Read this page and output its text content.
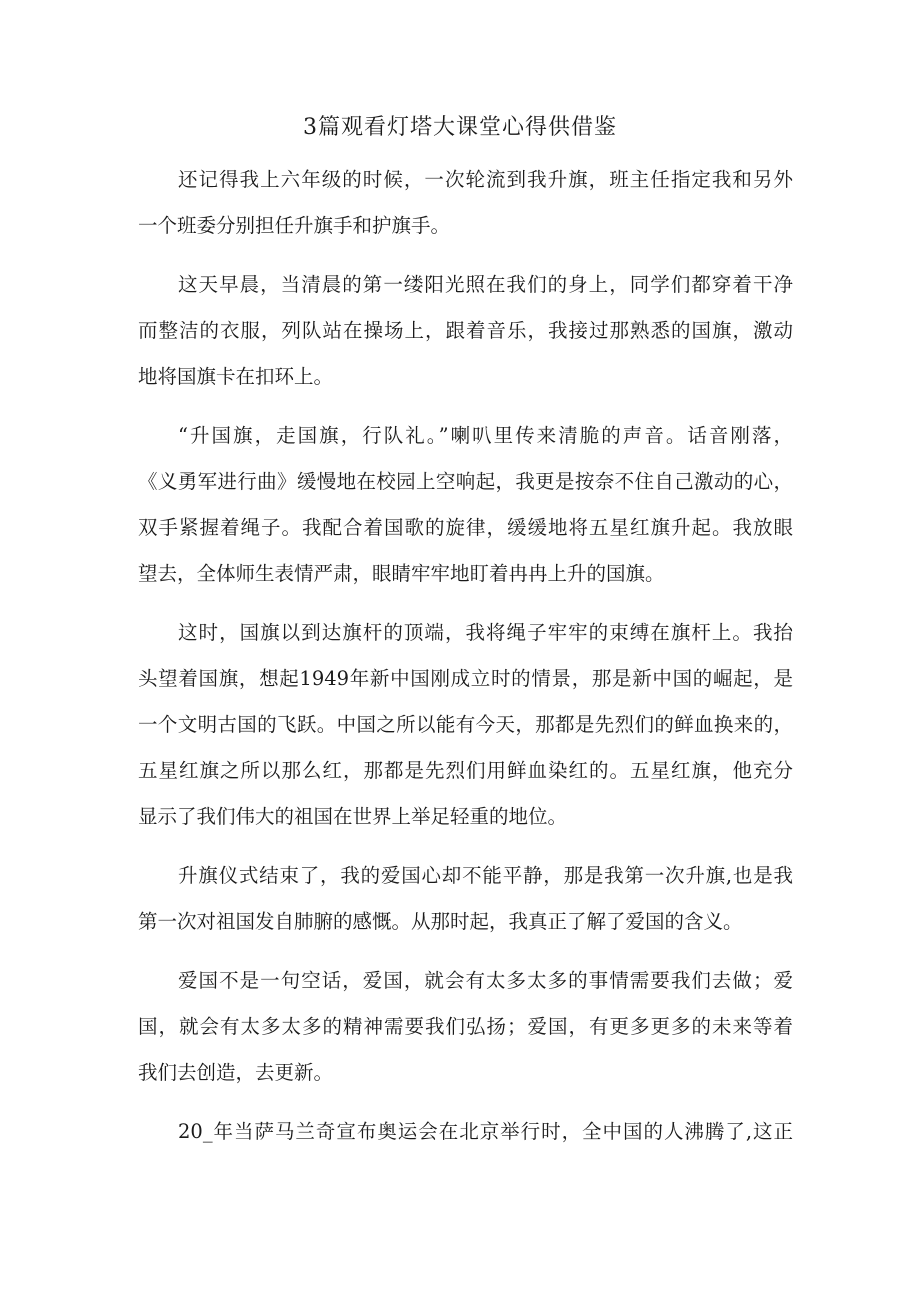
3篇观看灯塔大课堂心得供借鉴
还记得我上六年级的时候，一次轮流到我升旗，班主任指定我和另外
一个班委分别担任升旗手和护旗手。
这天早晨，当清晨的第一缕阳光照在我们的身上，同学们都穿着干净
而整洁的衣服，列队站在操场上，跟着音乐，我接过那熟悉的国旗，激动
地将国旗卡在扣环上。
“升国旗，走国旗，行队礼。”喇叭里传来清脆的声音。话音刚落，
《义勇军进行曲》缓慢地在校园上空响起，我更是按奈不住自己激动的心，
双手紧握着绳子。我配合着国歌的旋律，缓缓地将五星红旗升起。我放眼
望去，全体师生表情严肃，眼睛牢牢地盯着冉冉上升的国旗。
这时，国旗以到达旗杆的顶端，我将绳子牢牢的束缚在旗杆上。我抬
头望着国旗，想起1949年新中国刚成立时的情景，那是新中国的崛起，是
一个文明古国的飞跃。中国之所以能有今天，那都是先烈们的鲜血换来的，
五星红旗之所以那么红，那都是先烈们用鲜血染红的。五星红旗，他充分
显示了我们伟大的祖国在世界上举足轻重的地位。
升旗仪式结束了，我的爱国心却不能平静，那是我第一次升旗,也是我
第一次对祖国发自肺腑的感慨。从那时起，我真正了解了爱国的含义。
爱国不是一句空话，爱国，就会有太多太多的事情需要我们去做；爱
国，就会有太多太多的精神需要我们弘扬；爱国，有更多更多的未来等着
我们去创造，去更新。
20_年当萨马兰奇宣布奥运会在北京举行时，全中国的人沸腾了,这正
